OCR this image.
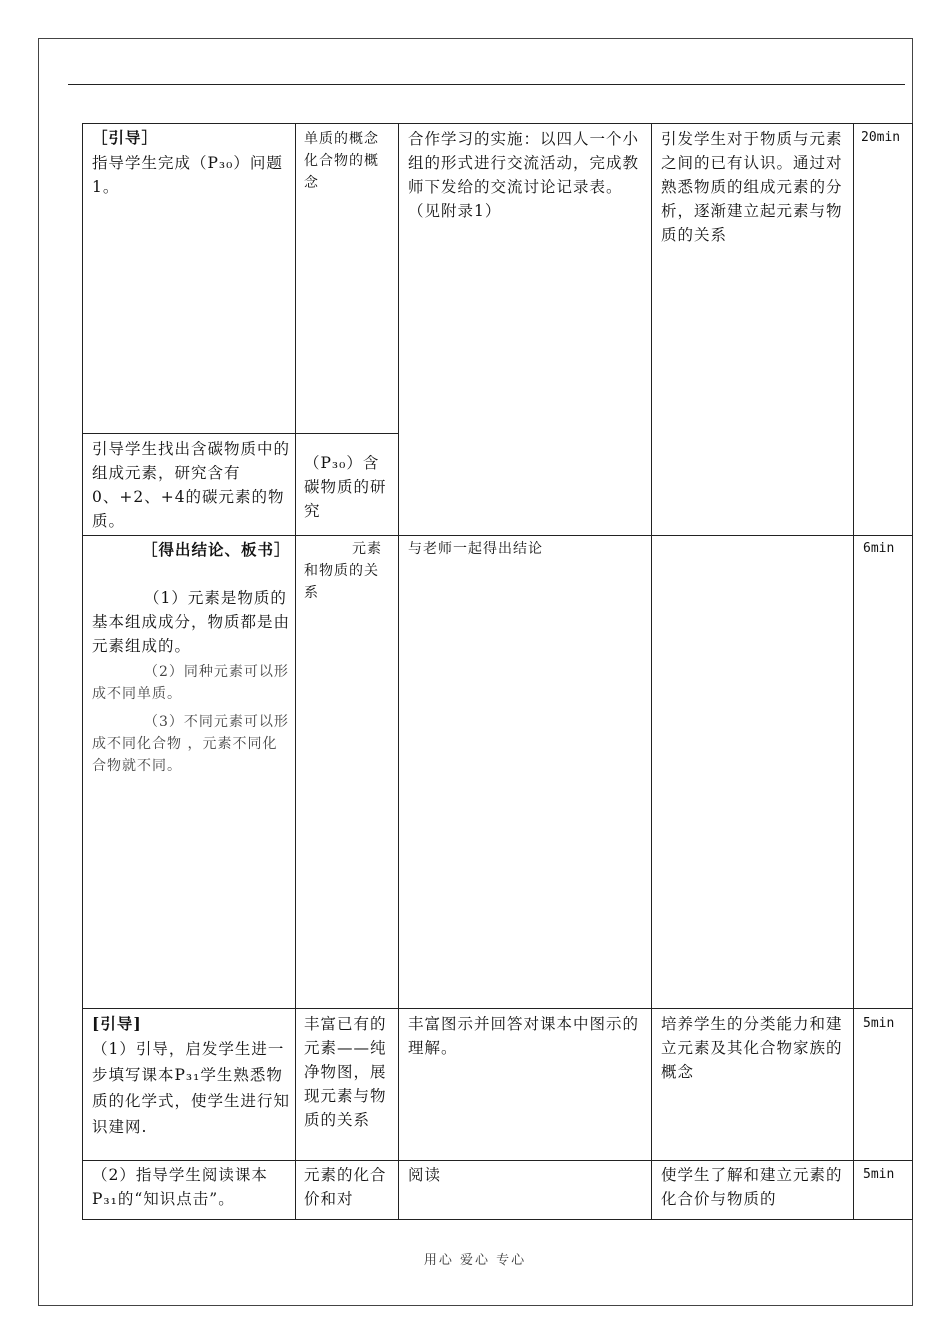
［引导］
指导学生完成（P₃₀）问题1。
单质的概念化合物的概念
合作学习的实施：以四人一个小组的形式进行交流活动，完成教师下发给的交流讨论记录表。（见附录1）
引发学生对于物质与元素之间的已有认识。通过对熟悉物质的组成元素的分析，逐渐建立起元素与物质的关系
20min
引导学生找出含碳物质中的组成元素，研究含有0、+2、+4的碳元素的物质。
（P₃₀）含碳物质的研究
［得出结论、板书］
（1）元素是物质的基本组成成分，物质都是由元素组成的。
（2）同种元素可以形成不同单质。
（3）不同元素可以形成不同化合物 ，元素不同化合物就不同。
元素和物质的关系
与老师一起得出结论	6min
[引导]
（1）引导，启发学生进一步填写课本P₃₁学生熟悉物质的化学式，使学生进行知识建网.
丰富已有的元素——纯净物图，展现元素与物质的关系
丰富图示并回答对课本中图示的理解。
培养学生的分类能力和建立元素及其化合物家族的概念
5min
（2）指导学生阅读课本P₃₁的“知识点击”。
元素的化合价和对
阅读	使学生了解和建立元素的化合价与物质的
5min
用心 爱心 专心
